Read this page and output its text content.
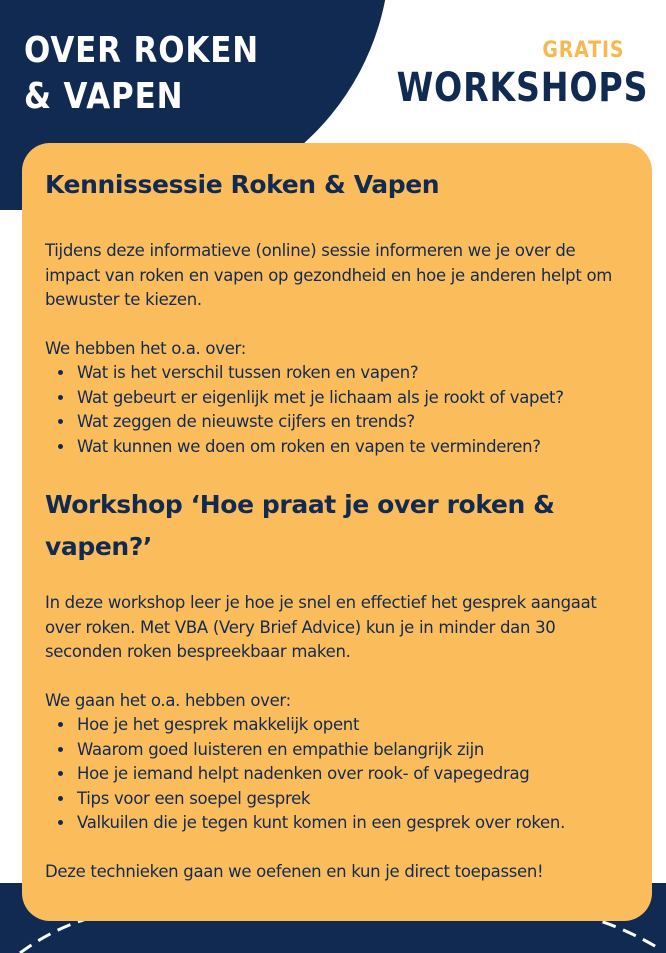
OVER ROKEN
& VAPEN
GRATIS
WORKSHOPS
Kennissessie Roken & Vapen

Tijdens deze informatieve (online) sessie informeren we je over de impact van roken en vapen op gezondheid en hoe je anderen helpt om bewuster te kiezen.

We hebben het o.a. over:

• Wat is het verschil tussen roken en vapen?
• Wat gebeurt er eigenlijk met je lichaam als je rookt of vapet?
• Wat zeggen de nieuwste cijfers en trends?
• Wat kunnen we doen om roken en vapen te verminderen?
Workshop ‘Hoe praat je over roken & vapen?’

In deze workshop leer je hoe je snel en effectief het gesprek aangaat over roken. Met VBA (Very Brief Advice) kun je in minder dan 30 seconden roken bespreekbaar maken.

We gaan het o.a. hebben over:

• Hoe je het gesprek makkelijk opent
• Waarom goed luisteren en empathie belangrijk zijn
• Hoe je iemand helpt nadenken over rook- of vapegedrag
• Tips voor een soepel gesprek
• Valkuilen die je tegen kunt komen in een gesprek over roken.

Deze technieken gaan we oefenen en kun je direct toepassen!
